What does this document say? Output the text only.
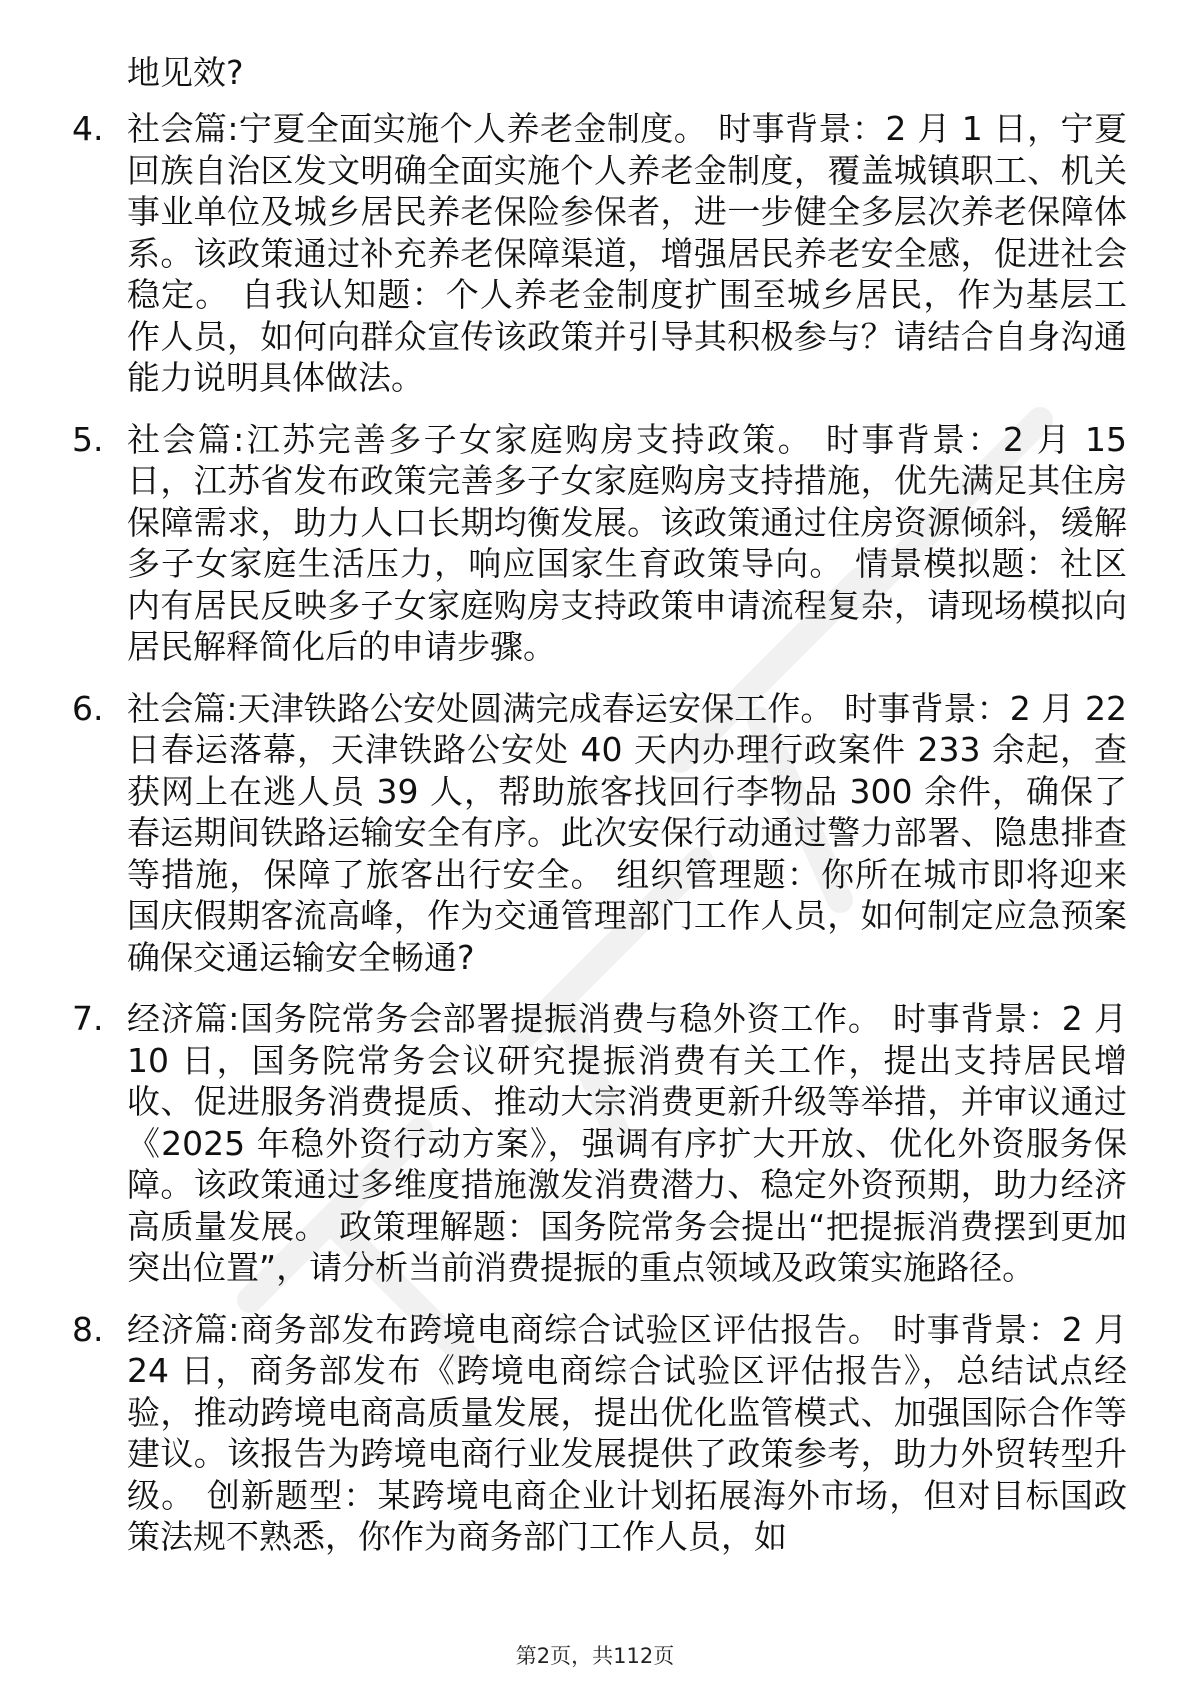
地见效?

4. 社会篇:宁夏全面实施个人养老金制度。 时事背景：2 月 1 日，宁夏回族自治区发文明确全面实施个人养老金制度，覆盖城镇职工、机关事业单位及城乡居民养老保险参保者，进一步健全多层次养老保障体系。该政策通过补充养老保障渠道，增强居民养老安全感，促进社会稳定。 自我认知题：个人养老金制度扩围至城乡居民，作为基层工作人员，如何向群众宣传该政策并引导其积极参与？请结合自身沟通能力说明具体做法。
5. 社会篇:江苏完善多子女家庭购房支持政策。 时事背景：2 月 15 日，江苏省发布政策完善多子女家庭购房支持措施，优先满足其住房保障需求，助力人口长期均衡发展。该政策通过住房资源倾斜，缓解多子女家庭生活压力，响应国家生育政策导向。 情景模拟题：社区内有居民反映多子女家庭购房支持政策申请流程复杂，请现场模拟向居民解释简化后的申请步骤。
6. 社会篇:天津铁路公安处圆满完成春运安保工作。 时事背景：2 月 22 日春运落幕，天津铁路公安处 40 天内办理行政案件 233 余起，查获网上在逃人员 39 人，帮助旅客找回行李物品 300 余件，确保了春运期间铁路运输安全有序。此次安保行动通过警力部署、隐患排查等措施，保障了旅客出行安全。 组织管理题：你所在城市即将迎来国庆假期客流高峰，作为交通管理部门工作人员，如何制定应急预案确保交通运输安全畅通?
7. 经济篇:国务院常务会部署提振消费与稳外资工作。 时事背景：2 月 10 日，国务院常务会议研究提振消费有关工作，提出支持居民增收、促进服务消费提质、推动大宗消费更新升级等举措，并审议通过《2025 年稳外资行动方案》，强调有序扩大开放、优化外资服务保障。该政策通过多维度措施激发消费潜力、稳定外资预期，助力经济高质量发展。 政策理解题：国务院常务会提出“把提振消费摆到更加突出位置”，请分析当前消费提振的重点领域及政策实施路径。
8. 经济篇:商务部发布跨境电商综合试验区评估报告。 时事背景：2 月 24 日，商务部发布《跨境电商综合试验区评估报告》，总结试点经验，推动跨境电商高质量发展，提出优化监管模式、加强国际合作等建议。该报告为跨境电商行业发展提供了政策参考，助力外贸转型升级。 创新题型：某跨境电商企业计划拓展海外市场，但对目标国政策法规不熟悉，你作为商务部门工作人员，如
第2页，共112页
